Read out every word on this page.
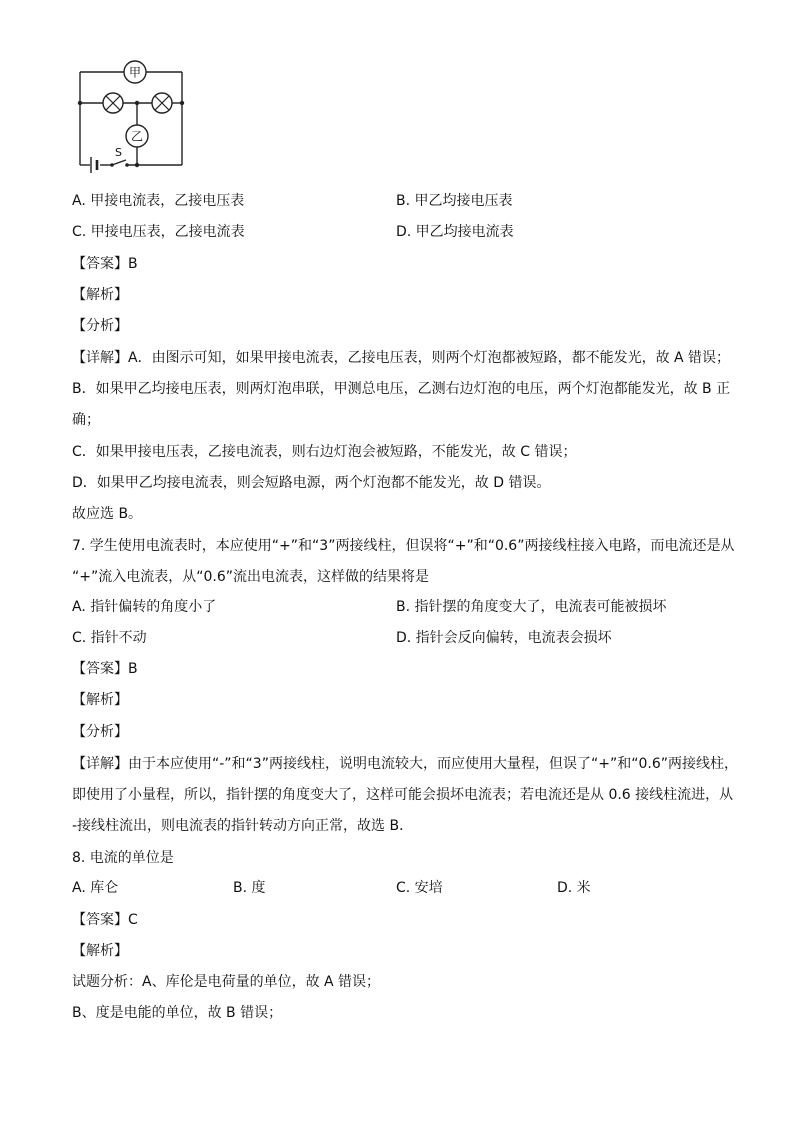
甲
乙
S
A. 甲接电流表，乙接电压表	B. 甲乙均接电压表
C. 甲接电压表，乙接电流表	D. 甲乙均接电流表
【答案】B
【解析】
【分析】
【详解】A．由图示可知，如果甲接电流表，乙接电压表，则两个灯泡都被短路，都不能发光，故 A 错误；
B．如果甲乙均接电压表，则两灯泡串联，甲测总电压，乙测右边灯泡的电压，两个灯泡都能发光，故 B 正
确；
C．如果甲接电压表，乙接电流表，则右边灯泡会被短路，不能发光，故 C 错误；
D．如果甲乙均接电流表，则会短路电源，两个灯泡都不能发光，故 D 错误。
故应选 B。
7. 学生使用电流表时，本应使用“+”和“3”两接线柱，但误将“+”和“0.6”两接线柱接入电路，而电流还是从
“+”流入电流表，从“0.6”流出电流表，这样做的结果将是
A. 指针偏转的角度小了	B. 指针摆的角度变大了，电流表可能被损坏
C. 指针不动	D. 指针会反向偏转，电流表会损坏
【答案】B
【解析】
【分析】
【详解】由于本应使用“-”和“3”两接线柱，说明电流较大，而应使用大量程，但误了“+”和“0.6”两接线柱，
即使用了小量程，所以，指针摆的角度变大了，这样可能会损坏电流表；若电流还是从 0.6 接线柱流进，从
-接线柱流出，则电流表的指针转动方向正常，故选 B．
8. 电流的单位是
A. 库仑	B. 度	C. 安培	D. 米
【答案】C
【解析】
试题分析：A、库伦是电荷量的单位，故 A 错误；
B、度是电能的单位，故 B 错误；
